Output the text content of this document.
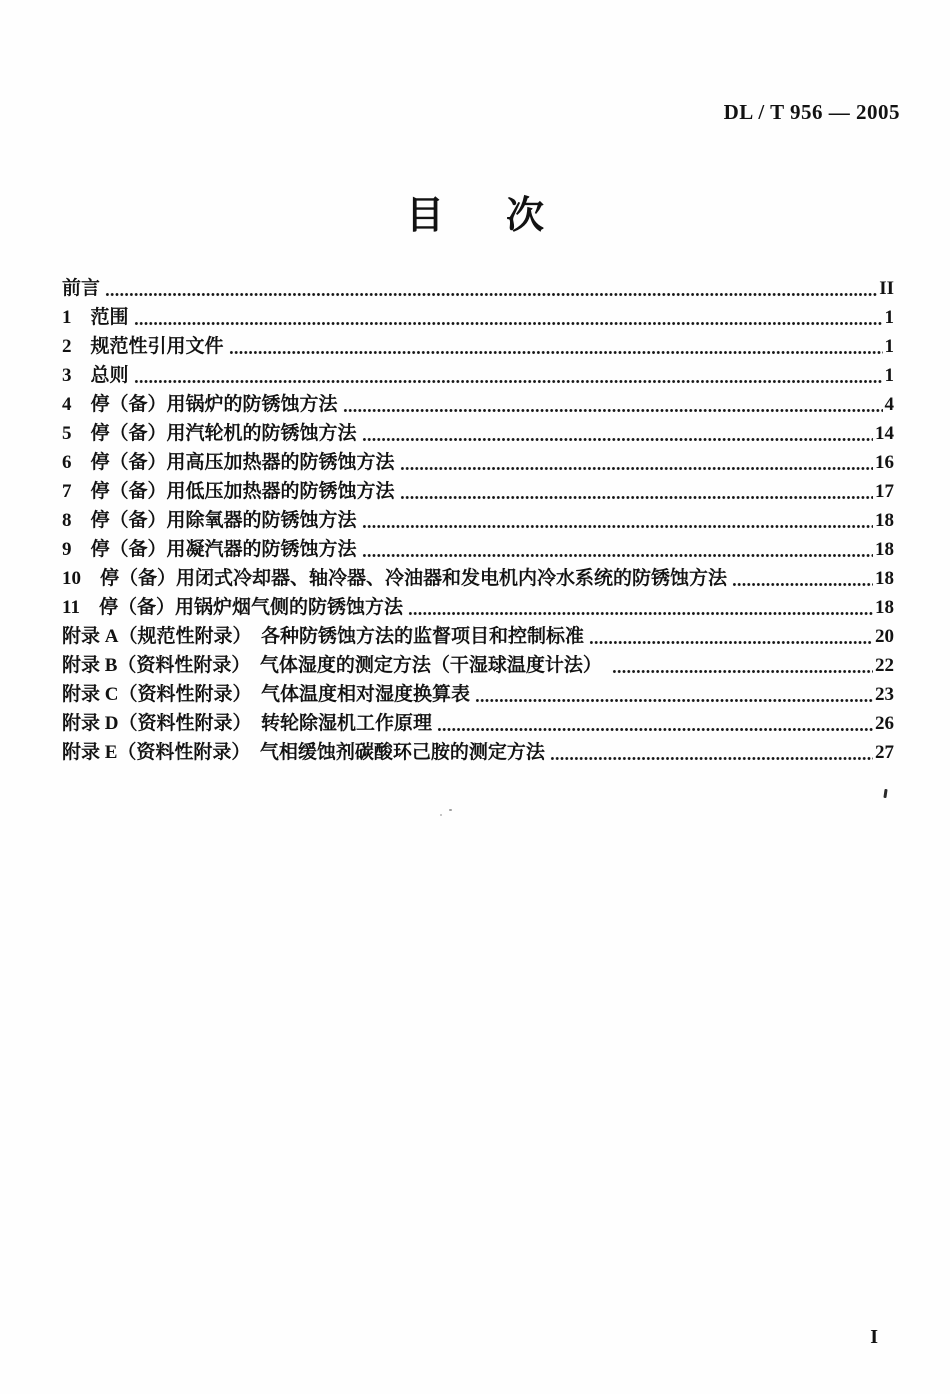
DL / T 956 — 2005
目　次
前言	II
1　范围	1
2　规范性引用文件	1
3　总则	1
4　停（备）用锅炉的防锈蚀方法	4
5　停（备）用汽轮机的防锈蚀方法	14
6　停（备）用高压加热器的防锈蚀方法	16
7　停（备）用低压加热器的防锈蚀方法	17
8　停（备）用除氧器的防锈蚀方法	18
9　停（备）用凝汽器的防锈蚀方法	18
10　停（备）用闭式冷却器、轴冷器、冷油器和发电机内冷水系统的防锈蚀方法	18
11　停（备）用锅炉烟气侧的防锈蚀方法	18
附录 A（规范性附录）　各种防锈蚀方法的监督项目和控制标准	20
附录 B（资料性附录）　气体湿度的测定方法（干湿球温度计法）	22
附录 C（资料性附录）　气体温度相对湿度换算表	23
附录 D（资料性附录）　转轮除湿机工作原理	26
附录 E（资料性附录）　气相缓蚀剂碳酸环己胺的测定方法	27
I
